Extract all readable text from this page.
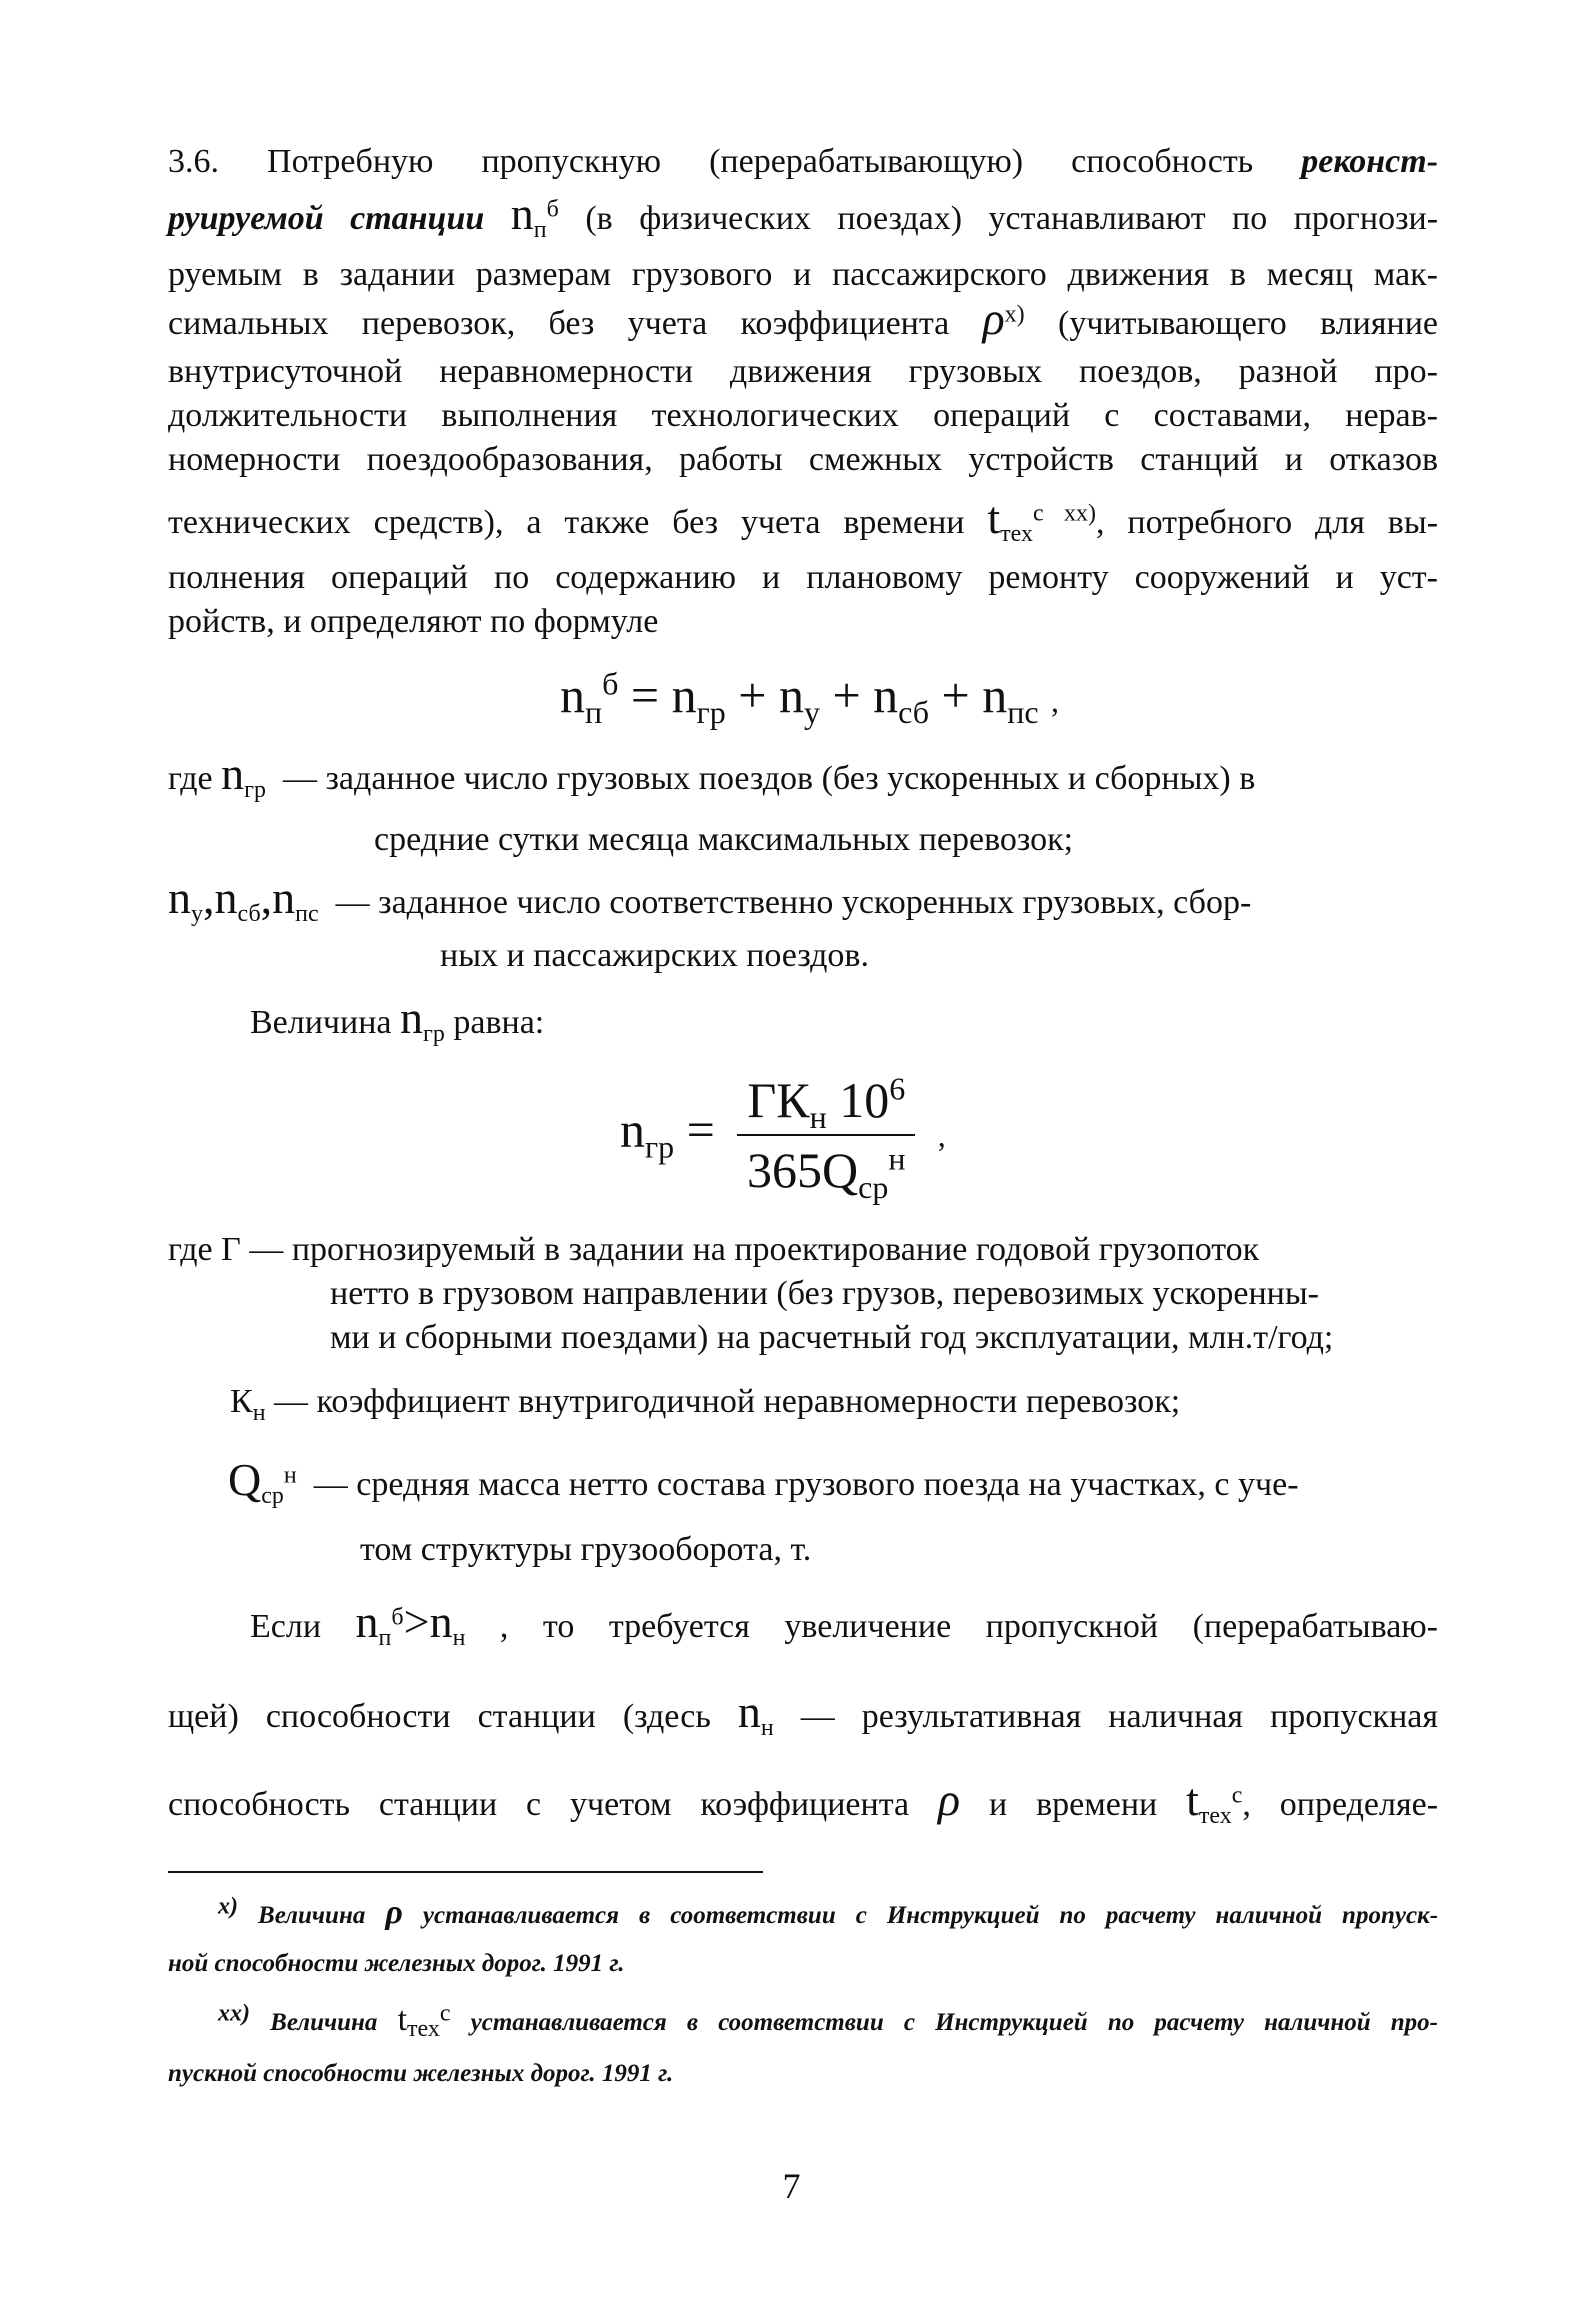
3.6. Потребную пропускную (перерабатывающую) способность реконст-
руируемой станции $n_п^б$ (в физических поездах) устанавливают по прогнози-
руемым в задании размерам грузового и пассажирского движения в месяц мак-
симальных перевозок, без учета коэффициента $\rho^{х)}$ (учитывающего влияние
внутрисуточной неравномерности движения грузовых поездов, разной про-
должительности выполнения технологических операций с составами, нерав-
номерности поездообразования, работы смежных устройств станций и отказов
технических средств), а также без учета времени $t_{тех}^{с хх)}$, потребного для вы-
полнения операций по содержанию и плановому ремонту сооружений и уст-
ройств, и определяют по формуле
$n_п^б = n_{гр} + n_у + n_{сб} + n_{пс}$ ,
где $n_{гр}$ — заданное число грузовых поездов (без ускоренных и сборных) в
средние сутки месяца максимальных перевозок;
$n_у,n_{сб},n_{пс}$ — заданное число соответственно ускоренных грузовых, сбор-
ных и пассажирских поездов.
Величина $n_{гр}$ равна:
$n_{гр} = \frac{ГК_н 10^6}{365Q_{ср}^н}$ ,
где Г — прогнозируемый в задании на проектирование годовой грузопоток
нетто в грузовом направлении (без грузов, перевозимых ускоренны-
ми и сборными поездами) на расчетный год эксплуатации, млн.т/год;
$К_н$ — коэффициент внутригодичной неравномерности перевозок;
$Q_{ср}^н$ — средняя масса нетто состава грузового поезда на участках, с уче-
том структуры грузооборота, т.
Если $n_п^б>n_н$ , то требуется увеличение пропускной (перерабатываю-
щей) способности станции (здесь $n_н$ — результативная наличная пропускная
способность станции с учетом коэффициента ρ и времени $t_{тех}^с$, определяе-
$^{х)}$ Величина ρ устанавливается в соответствии с Инструкцией по расчету наличной пропуск-
ной способности железных дорог. 1991 г.
$^{хх)}$ Величина $t_{тех}^с$ устанавливается в соответствии с Инструкцией по расчету наличной про-
пускной способности железных дорог. 1991 г.
7
